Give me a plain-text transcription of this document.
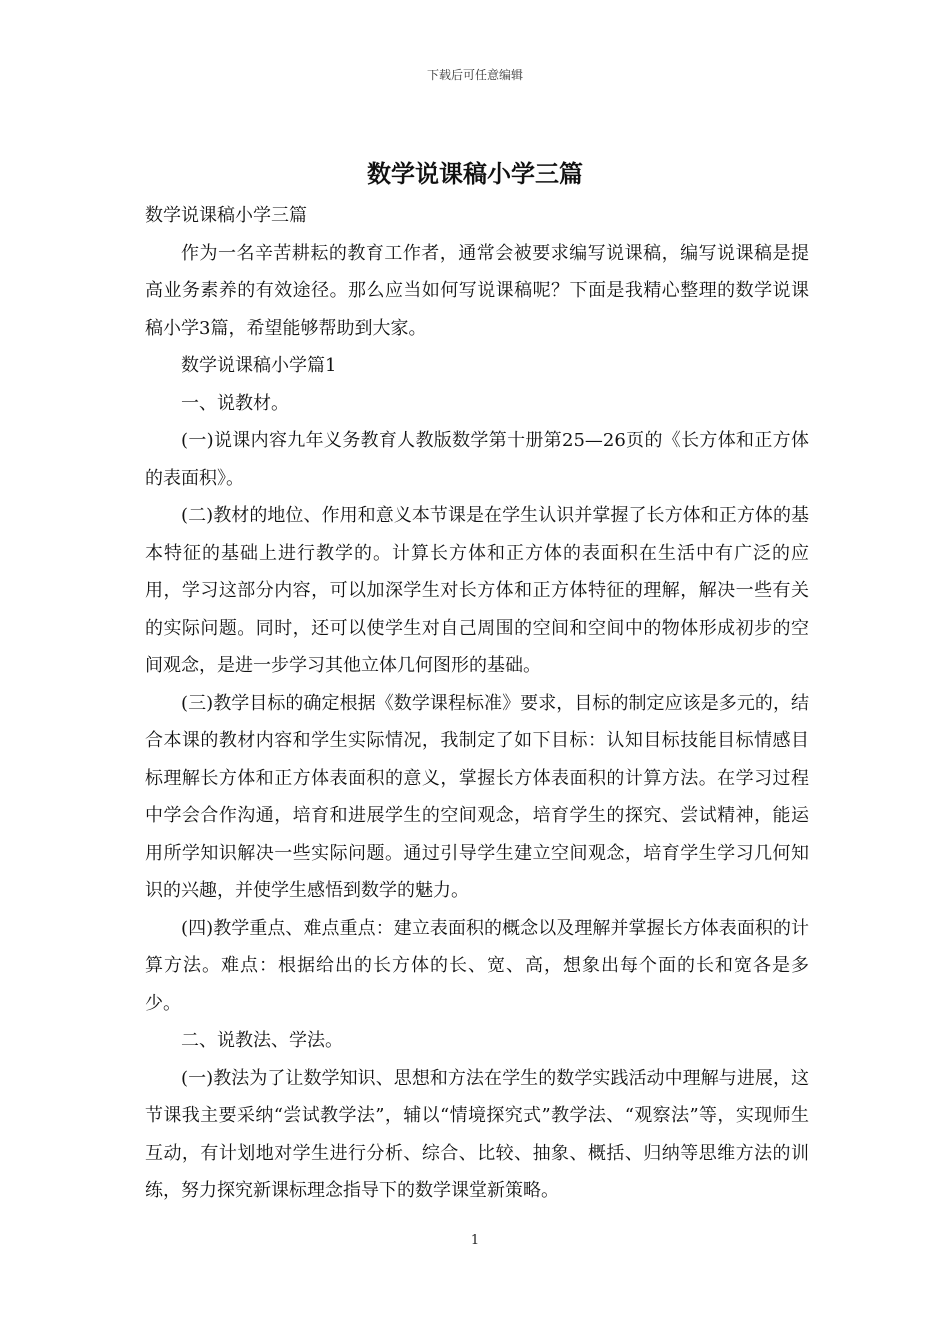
下载后可任意编辑
数学说课稿小学三篇

数学说课稿小学三篇

作为一名辛苦耕耘的教育工作者，通常会被要求编写说课稿，编写说课稿是提高业务素养的有效途径。那么应当如何写说课稿呢？下面是我精心整理的数学说课稿小学3篇，希望能够帮助到大家。

数学说课稿小学篇1

一、说教材。

(一)说课内容九年义务教育人教版数学第十册第25—26页的《长方体和正方体的表面积》。

(二)教材的地位、作用和意义本节课是在学生认识并掌握了长方体和正方体的基本特征的基础上进行教学的。计算长方体和正方体的表面积在生活中有广泛的应用，学习这部分内容，可以加深学生对长方体和正方体特征的理解，解决一些有关的实际问题。同时，还可以使学生对自己周围的空间和空间中的物体形成初步的空间观念，是进一步学习其他立体几何图形的基础。

(三)教学目标的确定根据《数学课程标准》要求，目标的制定应该是多元的，结合本课的教材内容和学生实际情况，我制定了如下目标：认知目标技能目标情感目标理解长方体和正方体表面积的意义，掌握长方体表面积的计算方法。在学习过程中学会合作沟通，培育和进展学生的空间观念，培育学生的探究、尝试精神，能运用所学知识解决一些实际问题。通过引导学生建立空间观念，培育学生学习几何知识的兴趣，并使学生感悟到数学的魅力。

(四)教学重点、难点重点：建立表面积的概念以及理解并掌握长方体表面积的计算方法。难点：根据给出的长方体的长、宽、高，想象出每个面的长和宽各是多少。

二、说教法、学法。

(一)教法为了让数学知识、思想和方法在学生的数学实践活动中理解与进展，这节课我主要采纳“尝试教学法”，辅以“情境探究式”教学法、“观察法”等，实现师生互动，有计划地对学生进行分析、综合、比较、抽象、概括、归纳等思维方法的训练，努力探究新课标理念指导下的数学课堂新策略。

1
